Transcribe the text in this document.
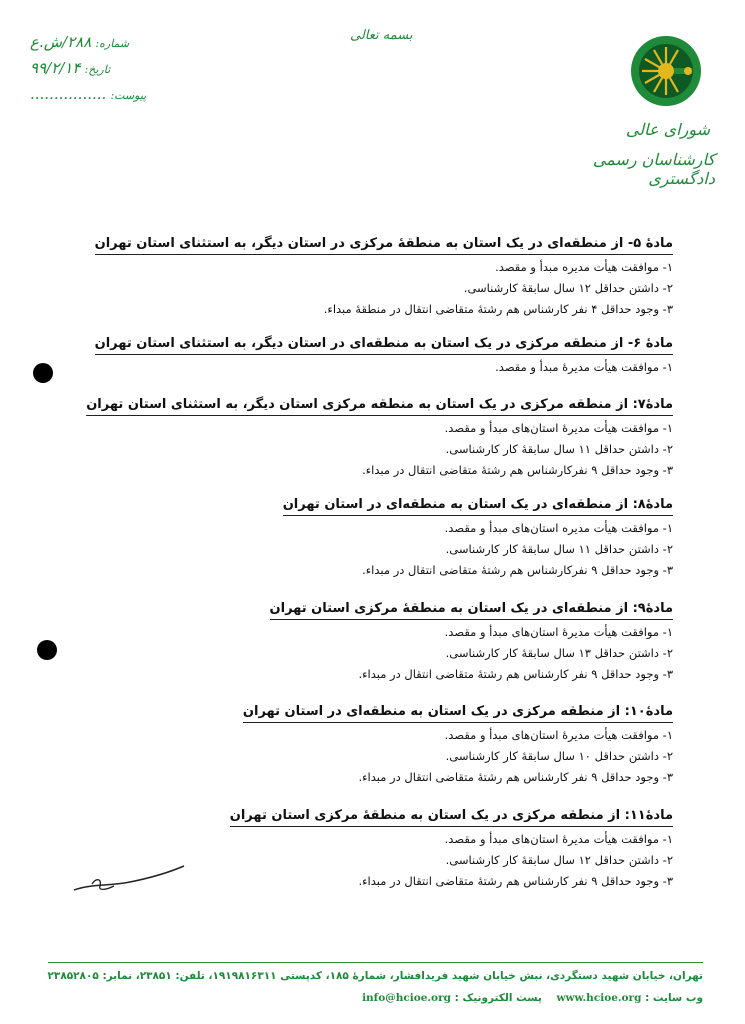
شماره: ۲۸۸/ش.ع
تاریخ: ۹۹/۲/۱۴
پیوست: ................
بسمه تعالی
شورای عالی
کارشناسان رسمی دادگستری
مادۀ ۵- از منطقه‌ای در یک استان به منطقۀ مرکزی در استان دیگر، به استثنای استان تهران
۱- موافقت هیأت مدیره مبدأ و مقصد.
۲- داشتن حداقل ۱۲ سال سابقۀ کارشناسی.
۳- وجود حداقل ۴ نفر کارشناس هم رشتۀ متقاضی انتقال در منطقۀ مبداء.
مادۀ ۶- از منطقه مرکزی در یک استان به منطقه‌ای در استان دیگر، به استثنای استان تهران
۱- موافقت هیأت مدیرۀ مبدأ و مقصد.
مادۀ۷: از منطقه مرکزی در یک استان به منطقه مرکزی استان دیگر، به استثنای استان تهران
۱- موافقت هیأت مدیرۀ استان‌های مبدأ و مقصد.
۲- داشتن حداقل ۱۱ سال سابقۀ کار کارشناسی.
۳- وجود حداقل ۹ نفرکارشناس هم رشتۀ متقاضی انتقال در مبداء.
مادۀ۸: از منطقه‌ای در یک استان به منطقه‌ای در استان تهران
۱- موافقت هیأت مدیره استان‌های مبدأ و مقصد.
۲- داشتن حداقل ۱۱ سال سابقۀ کار کارشناسی.
۳- وجود حداقل ۹ نفرکارشناس هم رشتۀ متقاضی انتقال در مبداء.
مادۀ۹: از منطقه‌ای در یک استان به منطقۀ مرکزی استان تهران
۱- موافقت هیأت مدیرۀ استان‌های مبدأ و مقصد.
۲- داشتن حداقل ۱۳ سال سابقۀ کار کارشناسی.
۳- وجود حداقل ۹ نفر کارشناس هم رشتۀ متقاضی انتقال در مبداء.
مادۀ۱۰: از منطقه مرکزی در یک استان به منطقه‌ای در استان تهران
۱- موافقت هیأت مدیرۀ استان‌های مبدأ و مقصد.
۲- داشتن حداقل ۱۰ سال سابقۀ کار کارشناسی.
۳- وجود حداقل ۹ نفر کارشناس هم رشتۀ متقاضی انتقال در مبداء.
مادۀ۱۱: از منطقه مرکزی در یک استان به منطقۀ مرکزی استان تهران
۱- موافقت هیأت مدیرۀ استان‌های مبدأ و مقصد.
۲- داشتن حداقل ۱۲ سال سابقۀ کار کارشناسی.
۳- وجود حداقل ۹ نفر کارشناس هم رشتۀ متقاضی انتقال در مبداء.
تهران، خیابان شهید دستگردی، نبش خیابان شهید فریدافشار، شمارۀ ۱۸۵، کدپستی ۱۹۱۹۸۱۶۳۱۱، تلفن: ۲۳۸۵۱، نمابر: ۲۳۸۵۲۸۰۵
وب سایت : www.hcioe.org    پست الکترونیک : info@hcioe.org
